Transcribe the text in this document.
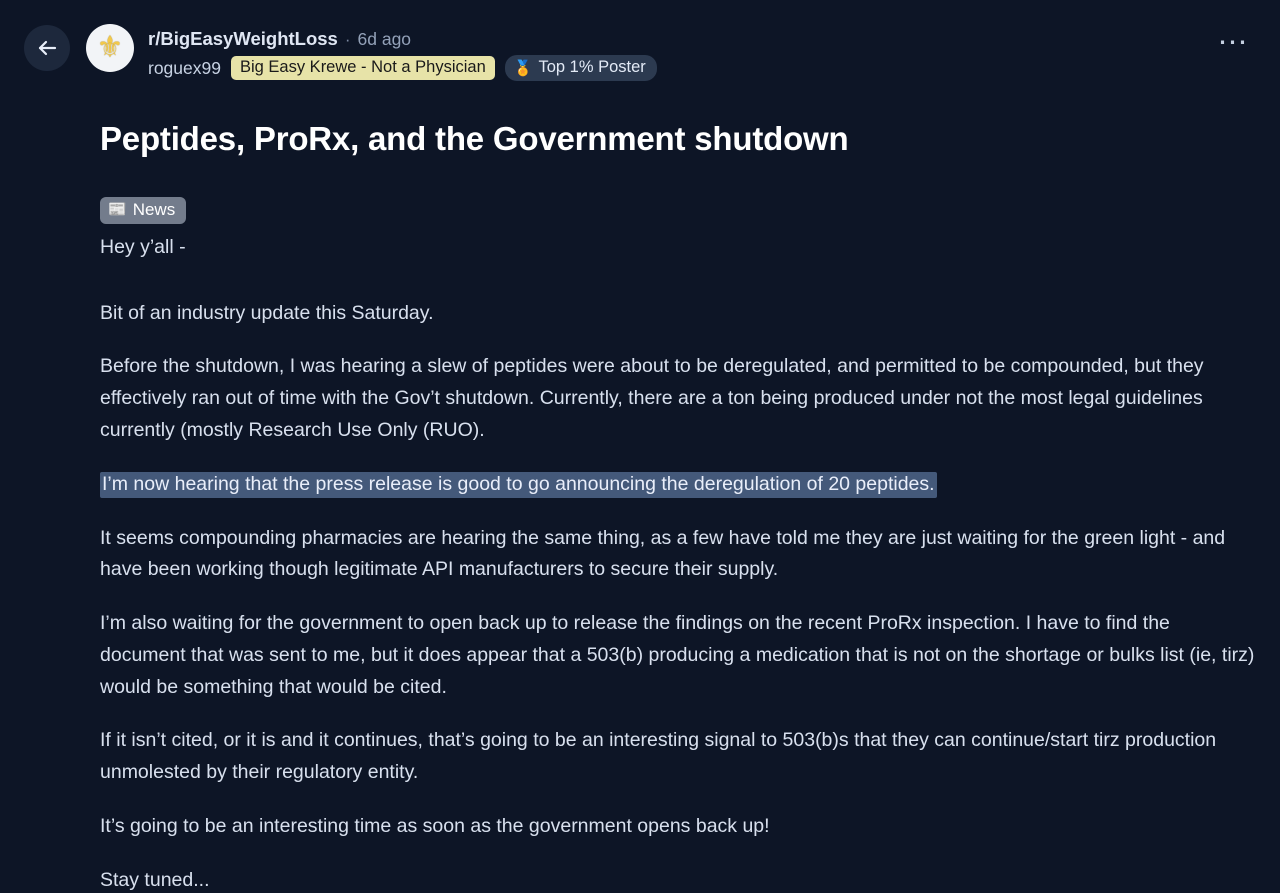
⚜ r/BigEasyWeightLoss · 6d ago
roguex99	Big Easy Krewe - Not a Physician	🏅 Top 1% Poster
⋯
Peptides, ProRx, and the Government shutdown
📰 News

Hey y’all -

Bit of an industry update this Saturday.

Before the shutdown, I was hearing a slew of peptides were about to be deregulated, and permitted to be compounded, but they effectively ran out of time with the Gov’t shutdown. Currently, there are a ton being produced under not the most legal guidelines currently (mostly Research Use Only (RUO).

I’m now hearing that the press release is good to go announcing the deregulation of 20 peptides.

It seems compounding pharmacies are hearing the same thing, as a few have told me they are just waiting for the green light - and have been working though legitimate API manufacturers to secure their supply.

I’m also waiting for the government to open back up to release the findings on the recent ProRx inspection. I have to find the document that was sent to me, but it does appear that a 503(b) producing a medication that is not on the shortage or bulks list (ie, tirz) would be something that would be cited.

If it isn’t cited, or it is and it continues, that’s going to be an interesting signal to 503(b)s that they can continue/start tirz production unmolested by their regulatory entity.

It’s going to be an interesting time as soon as the government opens back up!

Stay tuned...
